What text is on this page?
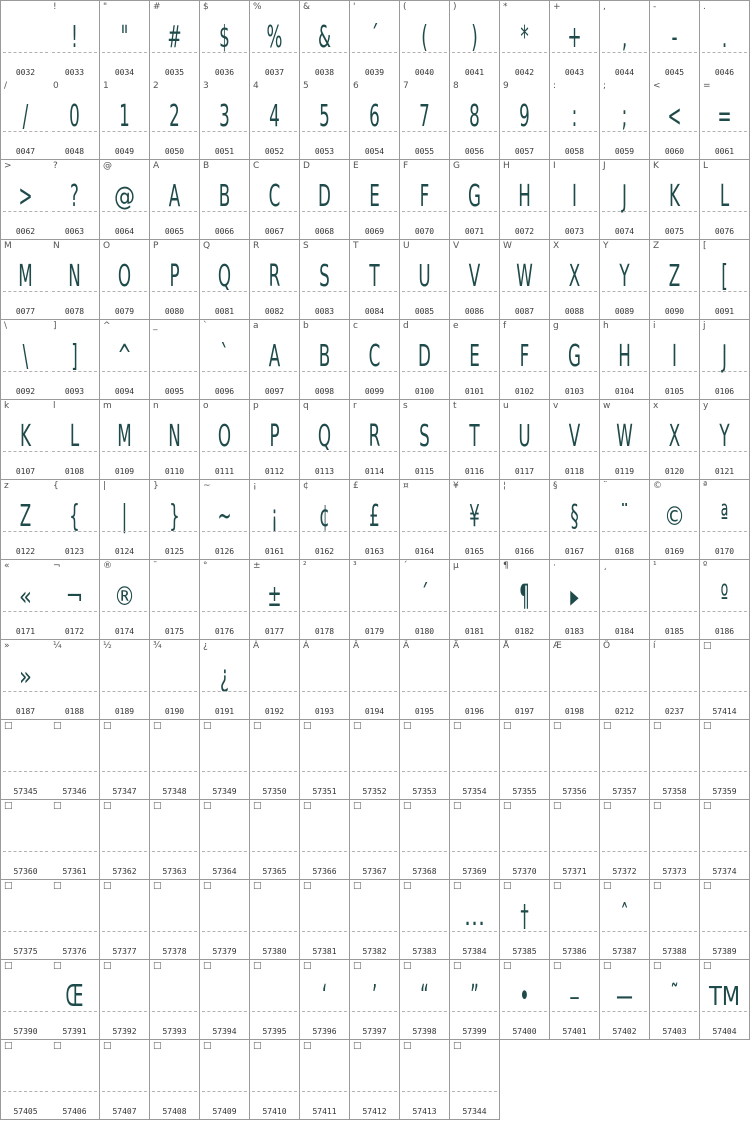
0032
!
!
0033
"
"
0034
#
#
0035
$
$
0036
%
%
0037
&
&
0038
'
´
0039
(
(
0040
)
)
0041
*
*
0042
+
+
0043
,
,
0044
-
-
0045
.
.
0046
/
/
0047
0
0
0048
1
1
0049
2
2
0050
3
3
0051
4
4
0052
5
5
0053
6
6
0054
7
7
0055
8
8
0056
9
9
0057
:
:
0058
;
;
0059
<
<
0060
=
=
0061
>
>
0062
?
?
0063
@
@
0064
A
A
0065
B
B
0066
C
C
0067
D
D
0068
E
E
0069
F
F
0070
G
G
0071
H
H
0072
I
I
0073
J
J
0074
K
K
0075
L
L
0076
M
M
0077
N
N
0078
O
O
0079
P
P
0080
Q
Q
0081
R
R
0082
S
S
0083
T
T
0084
U
U
0085
V
V
0086
W
W
0087
X
X
0088
Y
Y
0089
Z
Z
0090
[
[
0091
\
\
0092
]
]
0093
^
^
0094
_
0095
`
`
0096
a
A
0097
b
B
0098
c
C
0099
d
D
0100
e
E
0101
f
F
0102
g
G
0103
h
H
0104
i
I
0105
j
J
0106
k
K
0107
l
L
0108
m
M
0109
n
N
0110
o
O
0111
p
P
0112
q
Q
0113
r
R
0114
s
S
0115
t
T
0116
u
U
0117
v
V
0118
w
W
0119
x
X
0120
y
Y
0121
z
Z
0122
{
{
0123
|
|
0124
}
}
0125
~
~
0126
¡
¡
0161
¢
¢
0162
£
£
0163
¤
0164
¥
¥
0165
¦
0166
§
§
0167
¨
¨
0168
©
©
0169
ª
ª
0170
«
«
0171
¬
¬
0172
®
®
0174
¯
0175
°
0176
±
±
0177
²
0178
³
0179
´
´
0180
µ
0181
¶
¶
0182
·
▸
0183
¸
0184
¹
0185
º
º
0186
»
»
0187
¼
0188
½
0189
¾
0190
¿
¿
0191
À
0192
Á
0193
Â
0194
Ã
0195
Ä
0196
Å
0197
Æ
0198
Ô
0212
í
0237
□
57414
□
57345
□
57346
□
57347
□
57348
□
57349
□
57350
□
57351
□
57352
□
57353
□
57354
□
57355
□
57356
□
57357
□
57358
□
57359
□
57360
□
57361
□
57362
□
57363
□
57364
□
57365
□
57366
□
57367
□
57368
□
57369
□
57370
□
57371
□
57372
□
57373
□
57374
□
57375
□
57376
□
57377
□
57378
□
57379
□
57380
□
57381
□
57382
□
57383
□
…
57384
□
†
57385
□
57386
□
ˆ
57387
□
57388
□
57389
□
57390
□
Œ
57391
□
57392
□
57393
□
57394
□
57395
□
‘
57396
□
’
57397
□
“
57398
□
”
57399
□
•
57400
□
–
57401
□
—
57402
□
˜
57403
□
TM
57404
□
57405
□
57406
□
57407
□
57408
□
57409
□
57410
□
57411
□
57412
□
57413
□
57344
